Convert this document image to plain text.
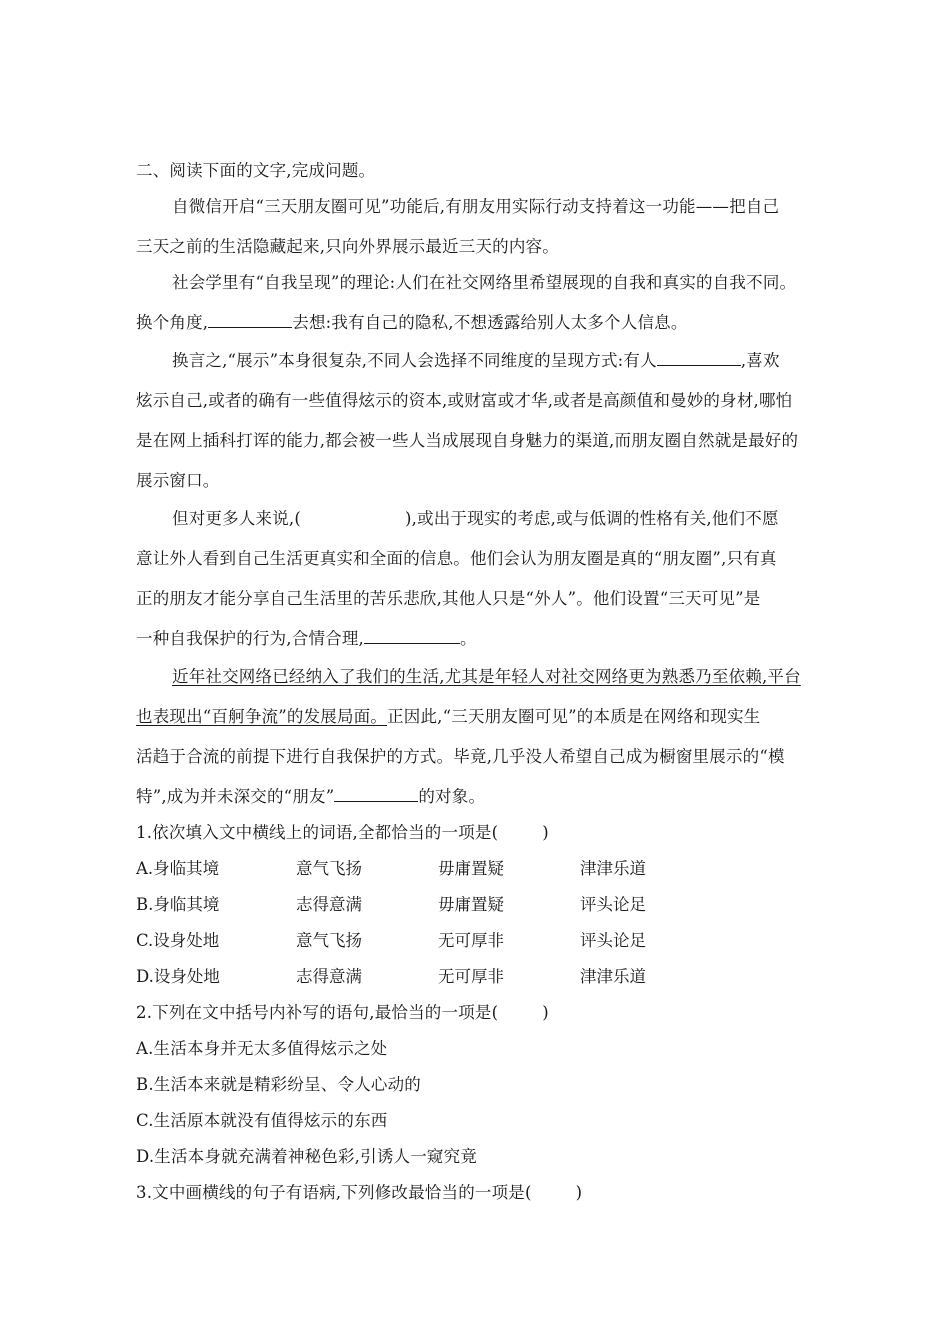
二、阅读下面的文字,完成问题。
自微信开启“三天朋友圈可见”功能后,有朋友用实际行动支持着这一功能——把自己
三天之前的生活隐藏起来,只向外界展示最近三天的内容。
社会学里有“自我呈现”的理论:人们在社交网络里希望展现的自我和真实的自我不同。
换个角度,	去想:我有自己的隐私,不想透露给别人太多个人信息。
换言之,“展示”本身很复杂,不同人会选择不同维度的呈现方式:有人	,喜欢
炫示自己,或者的确有一些值得炫示的资本,或财富或才华,或者是高颜值和曼妙的身材,哪怕
是在网上插科打诨的能力,都会被一些人当成展现自身魅力的渠道,而朋友圈自然就是最好的
展示窗口。
但对更多人来说,(	),或出于现实的考虑,或与低调的性格有关,他们不愿
意让外人看到自己生活更真实和全面的信息。他们会认为朋友圈是真的“朋友圈”,只有真
正的朋友才能分享自己生活里的苦乐悲欣,其他人只是“外人”。他们设置“三天可见”是
一种自我保护的行为,合情合理,	。
近年社交网络已经纳入了我们的生活,尤其是年轻人对社交网络更为熟悉乃至依赖,平台
也表现出“百舸争流”的发展局面。正因此,“三天朋友圈可见”的本质是在网络和现实生
活趋于合流的前提下进行自我保护的方式。毕竟,几乎没人希望自己成为橱窗里展示的“模
特”,成为并未深交的“朋友”	的对象。
1.依次填入文中横线上的词语,全都恰当的一项是(	)
A.身临其境	意气飞扬	毋庸置疑	津津乐道
B.身临其境	志得意满	毋庸置疑	评头论足
C.设身处地	意气飞扬	无可厚非	评头论足
D.设身处地	志得意满	无可厚非	津津乐道
2.下列在文中括号内补写的语句,最恰当的一项是(	)
A.生活本身并无太多值得炫示之处
B.生活本来就是精彩纷呈、令人心动的
C.生活原本就没有值得炫示的东西
D.生活本身就充满着神秘色彩,引诱人一窥究竟
3.文中画横线的句子有语病,下列修改最恰当的一项是(	)
